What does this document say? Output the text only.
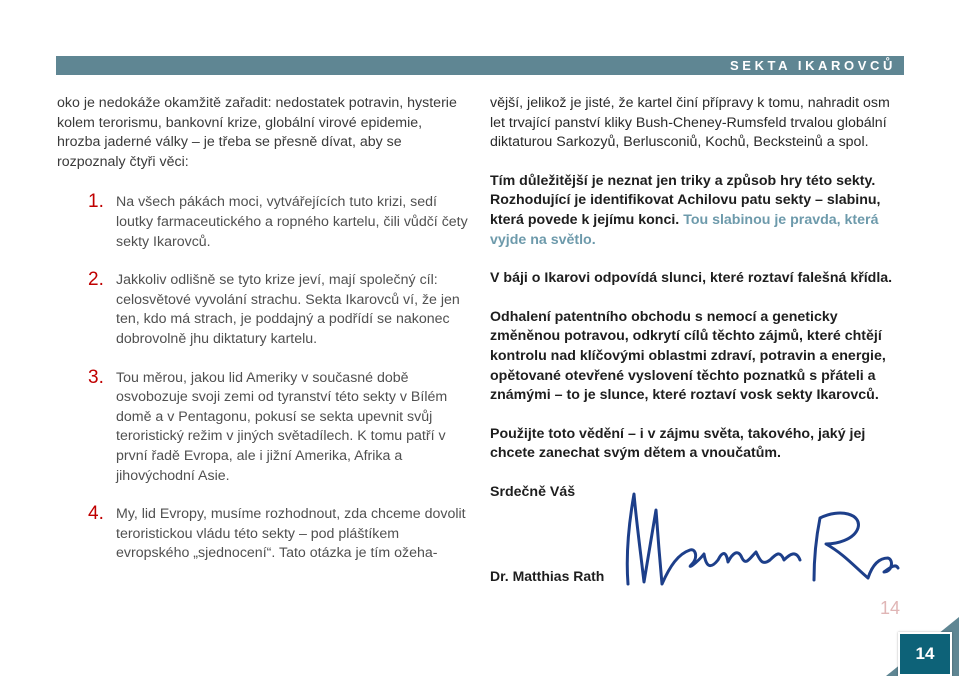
SEKTA IKAROVCŮ

oko je nedokáže okamžitě zařadit: nedostatek potravin, hysterie kolem terorismu, bankovní krize, globální virové epidemie, hrozba jaderné války – je třeba se přesně dívat, aby se rozpoznaly čtyři věci:

1. Na všech pákách moci, vytvářejících tuto krizi, sedí loutky farmaceutického a ropného kartelu, čili vůdčí čety sekty Ikarovců.

2. Jakkoliv odlišně se tyto krize jeví, mají společný cíl: celosvětové vyvolání strachu. Sekta Ikarovců ví, že jen ten, kdo má strach, je poddajný a podřídí se nakonec dobrovolně jhu diktatury kartelu.

3. Tou měrou, jakou lid Ameriky v současné době osvobozuje svoji zemi od tyranství této sekty v Bílém domě a v Pentagonu, pokusí se sekta upevnit svůj teroristický režim v jiných světadílech. K tomu patří v první řadě Evropa, ale i jižní Amerika, Afrika a jihovýchodní Asie.

4. My, lid Evropy, musíme rozhodnout, zda chceme dovolit teroristickou vládu této sekty – pod pláštíkem evropského „sjednocení“. Tato otázka je tím ožeha-

vější, jelikož je jisté, že kartel činí přípravy k tomu, nahradit osm let trvající panství kliky Bush-Cheney-Rumsfeld trvalou globální diktaturou Sarkozyů, Berlusconiů, Kochů, Becksteinů a spol.

Tím důležitější je neznat jen triky a způsob hry této sekty. Rozhodující je identifikovat Achilovu patu sekty – slabinu, která povede k jejímu konci. Tou slabinou je pravda, která vyjde na světlo.

V báji o Ikarovi odpovídá slunci, které roztaví falešná křídla.

Odhalení patentního obchodu s nemocí a geneticky změněnou potravou, odkrytí cílů těchto zájmů, které chtějí kontrolu nad klíčovými oblastmi zdraví, potravin a energie, opětované otevřené vyslovení těchto poznatků s přáteli a známými – to je slunce, které roztaví vosk sekty Ikarovců.

Použijte toto vědění – i v zájmu světa, takového, jaký jej chcete zanechat svým dětem a vnoučatům.

Srdečně Váš

Dr. Matthias Rath
14
14
